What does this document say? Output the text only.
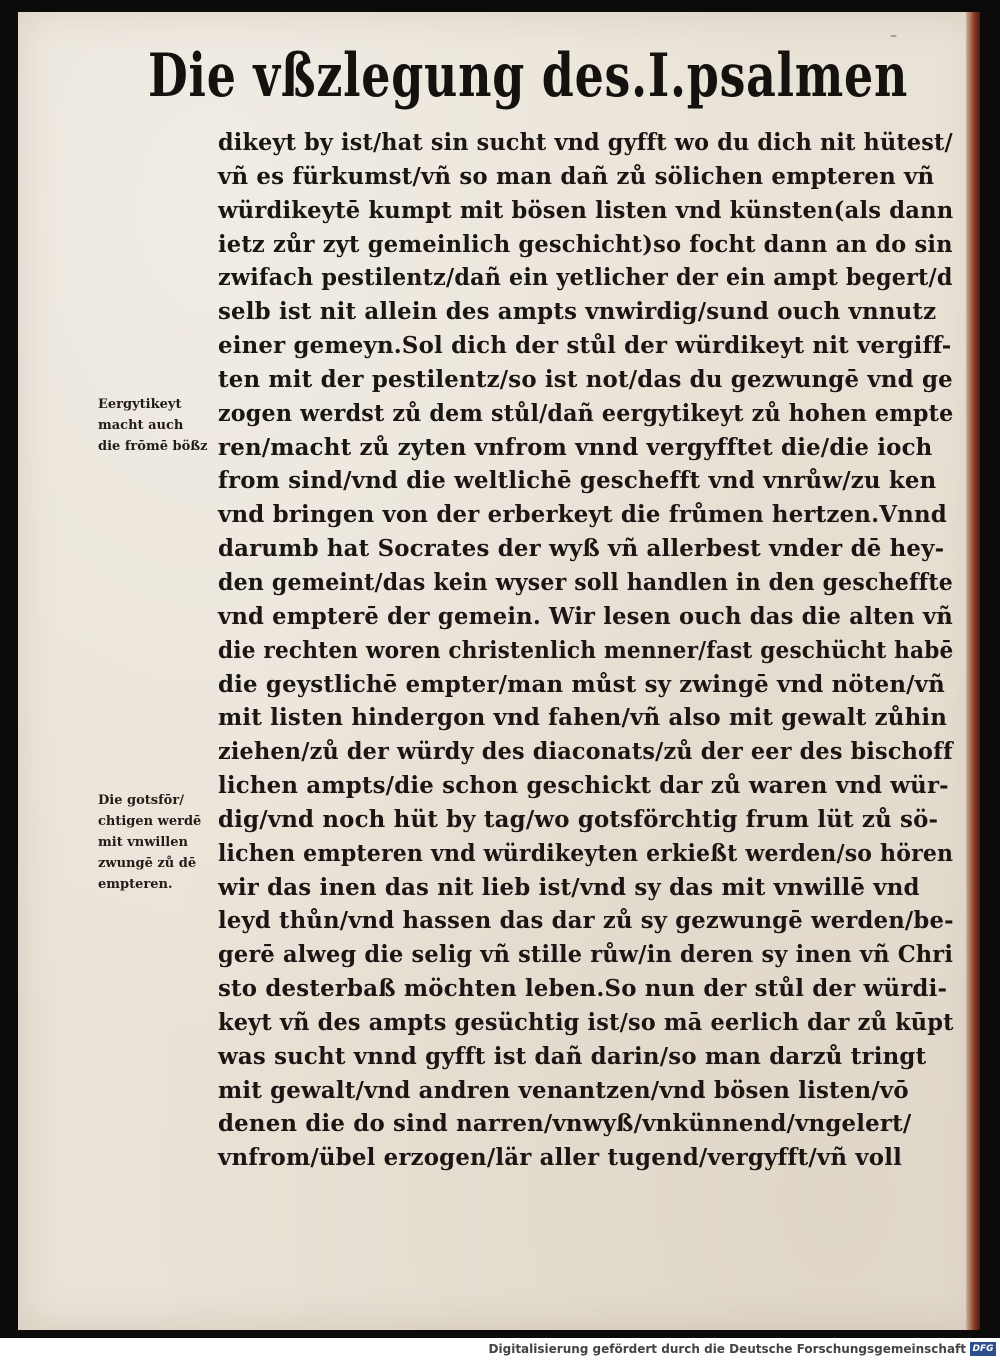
–
Die vßzlegung des.I.psalmen
dikeyt by ist/hat sin sucht vnd gyfft wo du dich nit hütest/
vñ es fürkumst/vñ so man dañ zů sölichen empteren vñ
würdikeytē kumpt mit bösen listen vnd künsten(als dann
ietz zůr zyt gemeinlich geschicht)so focht dann an do sin
zwifach pestilentz/dañ ein yetlicher der ein ampt begert/d
selb ist nit allein des ampts vnwirdig/sund ouch vnnutz
einer gemeyn.Sol dich der stůl der würdikeyt nit vergiff-
ten mit der pestilentz/so ist not/das du gezwungē vnd ge
zogen werdst zů dem stůl/dañ eergytikeyt zů hohen empte
ren/macht zů zyten vnfrom vnnd vergyfftet die/die ioch
from sind/vnd die weltlichē geschefft vnd vnrůw/zu ken
vnd bringen von der erberkeyt die frůmen hertzen.Vnnd
darumb hat Socrates der wyß vñ allerbest vnder dē hey-
den gemeint/das kein wyser soll handlen in den gescheffte
vnd empterē der gemein. Wir lesen ouch das die alten vñ
die rechten woren christenlich menner/fast geschücht habē
die geystlichē empter/man můst sy zwingē vnd nöten/vñ
mit listen hindergon vnd fahen/vñ also mit gewalt zůhin
ziehen/zů der würdy des diaconats/zů der eer des bischoff
lichen ampts/die schon geschickt dar zů waren vnd wür-
dig/vnd noch hüt by tag/wo gotsförchtig frum lüt zů sö-
lichen empteren vnd würdikeyten erkießt werden/so hören
wir das inen das nit lieb ist/vnd sy das mit vnwillē vnd
leyd thůn/vnd hassen das dar zů sy gezwungē werden/be-
gerē alweg die selig vñ stille růw/in deren sy inen vñ Chri
sto desterbaß möchten leben.So nun der stůl der würdi-
keyt vñ des ampts gesüchtig ist/so mā eerlich dar zů kūpt
was sucht vnnd gyfft ist dañ darin/so man darzů tringt
mit gewalt/vnd andren venantzen/vnd bösen listen/vō
denen die do sind narren/vnwyß/vnkünnend/vngelert/
vnfrom/übel erzogen/lär aller tugend/vergyfft/vñ voll
Eergytikeyt
macht auch
die frōmē bößz
Die gotsfōr/
chtigen werdē
mit vnwillen
zwungē zů dē
empteren.
Digitalisierung gefördert durch die Deutsche Forschungsgemeinschaft DFG
